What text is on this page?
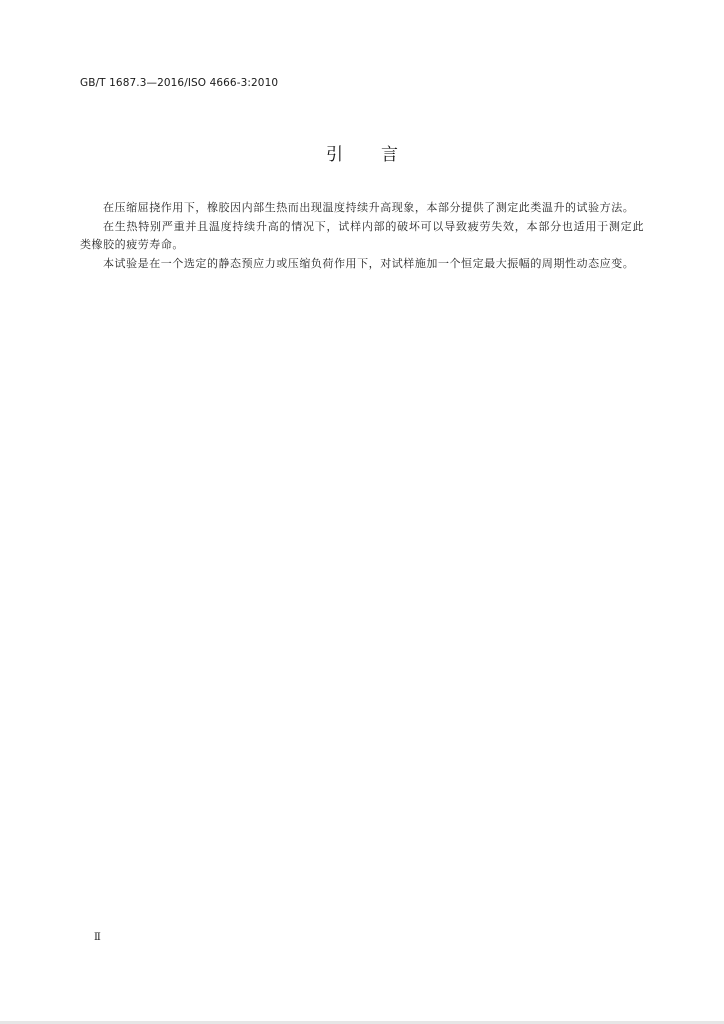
GB/T 1687.3—2016/ISO 4666-3:2010
引言

在压缩屈挠作用下，橡胶因内部生热而出现温度持续升高现象，本部分提供了测定此类温升的试验方法。

在生热特别严重并且温度持续升高的情况下，试样内部的破坏可以导致疲劳失效，本部分也适用于测定此类橡胶的疲劳寿命。

本试验是在一个选定的静态预应力或压缩负荷作用下，对试样施加一个恒定最大振幅的周期性动态应变。

Ⅱ
